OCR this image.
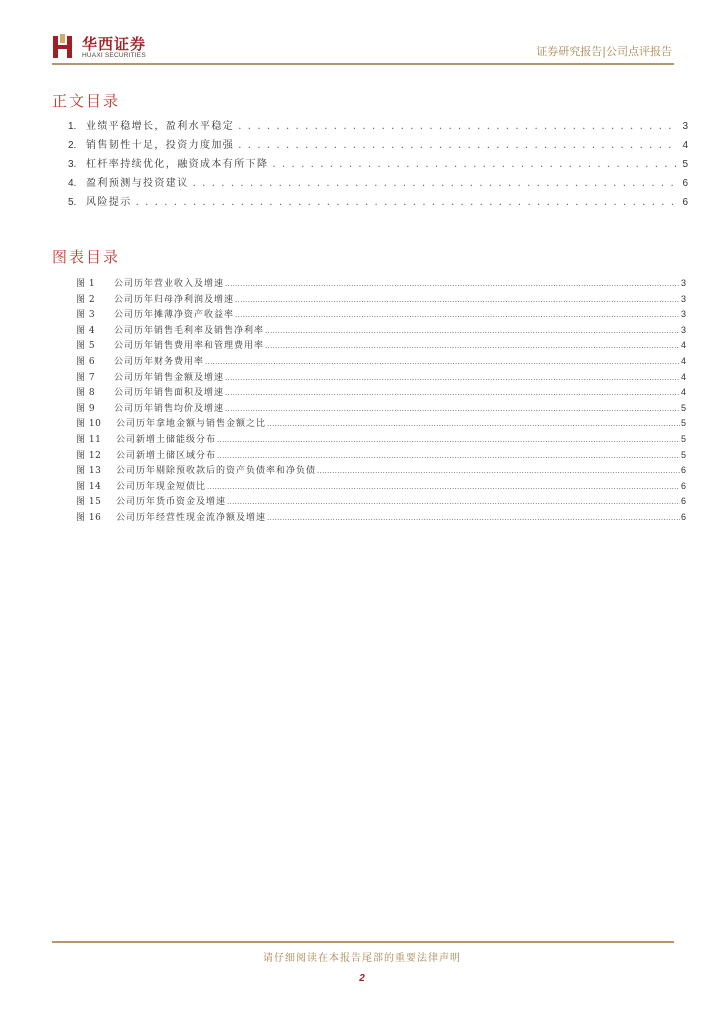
华西证券
HUAXI SECURITIES	证券研究报告|公司点评报告
正文目录
1. 业绩平稳增长，盈利水平稳定 . . .	3
2. 销售韧性十足，投资力度加强 . . .	4
3. 杠杆率持续优化，融资成本有所下降 . . .	5
4. 盈利预测与投资建议 . . .	6
5. 风险提示 . . .	6
图表目录
图 1	公司历年营业收入及增速 .....	3
图 2	公司历年归母净利润及增速 .....	3
图 3	公司历年摊薄净资产收益率 .....	3
图 4	公司历年销售毛利率及销售净利率 .....	3
图 5	公司历年销售费用率和管理费用率 .....	4
图 6	公司历年财务费用率 .....	4
图 7	公司历年销售金额及增速 .....	4
图 8	公司历年销售面积及增速 .....	4
图 9	公司历年销售均价及增速 .....	5
图 10	公司历年拿地金额与销售金额之比 .....	5
图 11	公司新增土储能级分布 .....	5
图 12	公司新增土储区域分布 .....	5
图 13	公司历年剔除预收款后的资产负债率和净负债 .....	6
图 14	公司历年现金短债比 .....	6
图 15	公司历年货币资金及增速 .....	6
图 16	公司历年经营性现金流净额及增速 .....	6
请仔细阅读在本报告尾部的重要法律声明
2
